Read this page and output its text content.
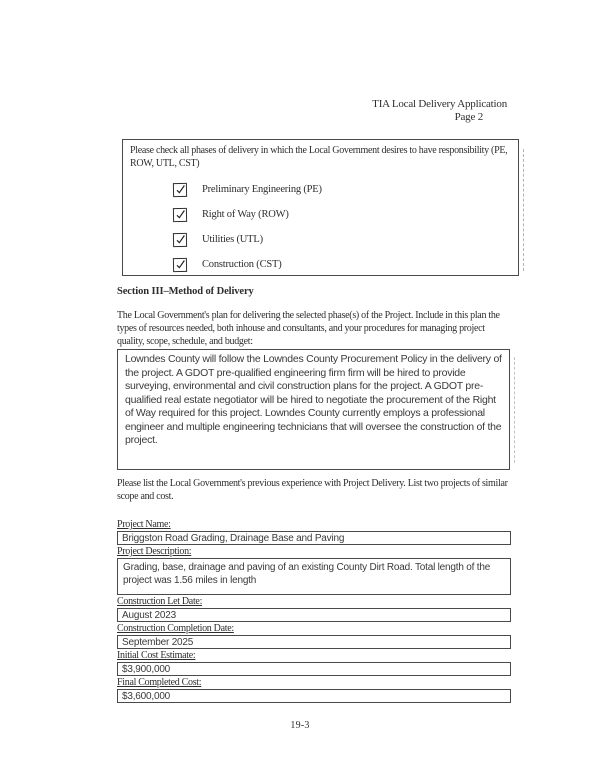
TIA Local Delivery Application
Page 2
Please check all phases of delivery in which the Local Government desires to have responsibility (PE, ROW, UTL, CST)
Preliminary Engineering (PE)
Right of Way (ROW)
Utilities (UTL)
Construction (CST)
Section III–Method of Delivery
The Local Government's plan for delivering the selected phase(s) of the Project. Include in this plan the types of resources needed, both inhouse and consultants, and your procedures for managing project quality, scope, schedule, and budget:
Lowndes County will follow the Lowndes County Procurement Policy in the delivery of the project. A GDOT pre-qualified engineering firm firm will be hired to provide surveying, environmental and civil construction plans for the project. A GDOT pre-qualified real estate negotiator will be hired to negotiate the procurement of the Right of Way required for this project. Lowndes County currently employs a professional engineer and multiple engineering technicians that will oversee the construction of the project.
Please list the Local Government's previous experience with Project Delivery. List two projects of similar scope and cost.
Project Name:
Briggston Road Grading, Drainage Base and Paving
Project Description:
Grading, base, drainage and paving of an existing County Dirt Road. Total length of the project was 1.56 miles in length
Construction Let Date:
August 2023
Construction Completion Date:
September 2025
Initial Cost Estimate:
$3,900,000
Final Completed Cost:
$3,600,000
19-3
